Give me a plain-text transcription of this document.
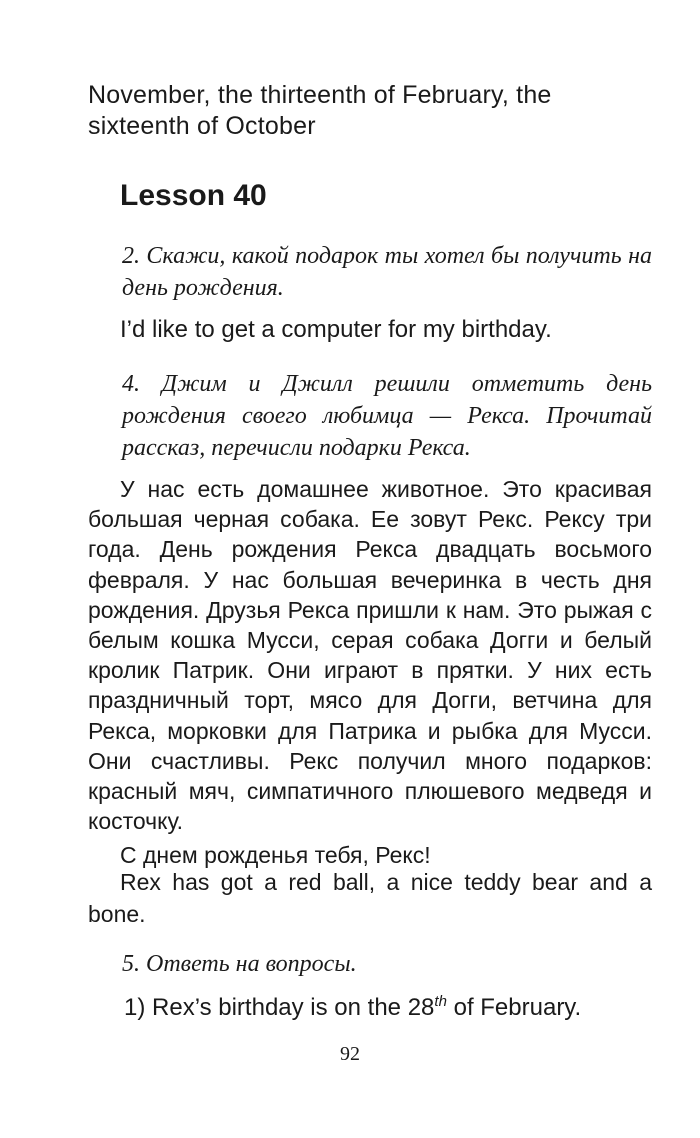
November, the thirteenth of February, the sixteenth of October

Lesson 40

2. Скажи, какой подарок ты хотел бы получить на день рождения.

I’d like to get a computer for my birthday.

4. Джим и Джилл решили отметить день рождения своего любимца — Рекса. Прочитай рассказ, перечисли подарки Рекса.

У нас есть домашнее животное. Это красивая большая черная собака. Ее зовут Рекс. Рексу три года. День рождения Рекса двадцать восьмого февраля. У нас большая вечеринка в честь дня рождения. Друзья Рекса пришли к нам. Это рыжая с белым кошка Мусси, серая собака Догги и белый кролик Патрик. Они играют в прятки. У них есть праздничный торт, мясо для Догги, ветчина для Рекса, морковки для Патрика и рыбка для Мусси. Они счастливы. Рекс получил много подарков: красный мяч, симпатичного плюшевого медведя и косточку.

С днем рожденья тебя, Рекс!

Rex has got a red ball, a nice teddy bear and a bone.

5. Ответь на вопросы.

1) Rex’s birthday is on the 28th of February.

92
